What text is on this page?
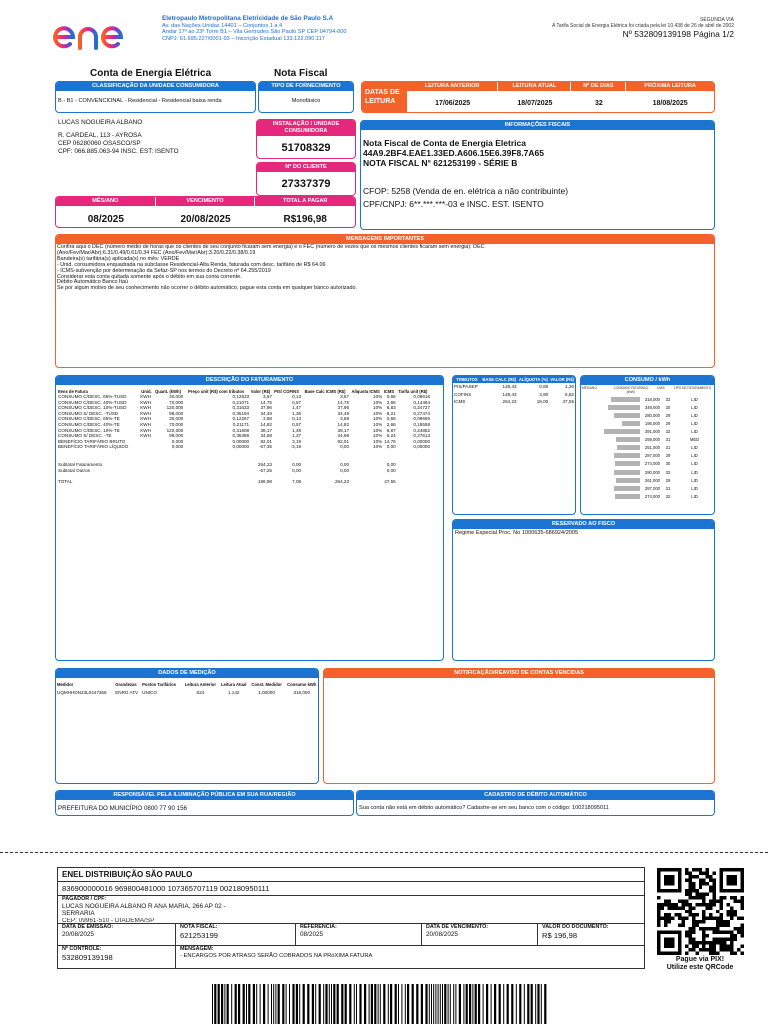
Eletropaulo Metropolitana Eletricidade de São Paulo S.A
Av. das Nações Unidas 14401 – Conjuntos 1 a 4
Andar 17º ao 23º Torre B1 – Vila Gertrudes São Paulo SP CEP:04794-000
CNPJ: 61.695.227/0001-93 – Inscrição Estadual 133.122.090.117
SEGUNDA VIA
A Tarifa Social de Energia Elétrica foi criada pela lei 10.438 de 26 de abril de 2002
Nº 532809139198 Página 1/2
Conta de Energia Elétrica	Nota Fiscal
CLASSIFICAÇÃO DA UNIDADE CONSUMIDORA
B - B1 - CONVENCIONAL - Residencial - Residencial baixa renda
TIPO DE FORNECIMENTO
Monofásico
DATAS DE LEITURA
LEITURA ANTERIOR	LEITURA ATUAL	Nº DE DIAS	PRÓXIMA LEITURA
17/06/2025	18/07/2025	32	18/08/2025
LUCAS NOGUEIRA ALBANO
R. CARDEAL, 113 - AYROSA
CEP 06280060 OSASCO/SP
CPF: 066.885.063-94 INSC. EST: ISENTO
INSTALAÇÃO / UNIDADE CONSUMIDORA
51708329
Nº DO CLIENTE
27337379
INFORMAÇÕES FISCAIS
Nota Fiscal de Conta de Energia Eletrica
44A9.2BF4.EAE1.33ED.A606.15E6.39F8.7A65
NOTA FISCAL N° 621253199 - SÉRIE B
CFOP: 5258 (Venda de en. elétrica a não contribuinte)
CPF/CNPJ: 6**.***.***-03 e INSC. EST. ISENTO
MÊS/ANO	VENCIMENTO	TOTAL A PAGAR
08/2025	20/08/2025	R$196,98
MENSAGENS IMPORTANTES
Confira aqui o DEC (número médio de horas que os clientes de seu conjunto ficaram sem energia) e o FEC (número de vezes que os mesmos clientes ficaram sem energia): DEC
(Ano/Fev/Mar/Abr):6.31/0.49/0.61/0.34 FEC (Ano/Fev/Mar/Abr):3.20/0.22/0.38/0.19
Bandeira(s) tarifária(s) aplicada(s) no mês: VERDE
- Unid. consumidora enquadrada na subclasse Residencial-Alta Renda, faturada com desc. tarifário de R$ 64.06
- ICMS-subvenção por determinação da Sefaz-SP nos termos do Decreto nº 64.255/2019
Considerar esta conta quitada somente após o débito em sua conta corrente.
Débito Automático Banco Itaú
Se por algum motivo de seu conhecimento não ocorrer o débito automático, pague esta conta em qualquer banco autorizado.
DESCRIÇÃO DO FATURAMENTO
Itens de Fatura	Unid.	Quant. (kWh)	Preço unit (R$) com tributos	Valor (R$)	PIS/ COFINS	Base Calc ICMS (R$)	Alíquota ICMS	ICMS	Tarifa unit (R$)
CONSUMO C/DESC. 65%-TUSD	KWH	30,000	0,12533	3,67	0,13	3,67	10%	0,66	0,09616
CONSUMO C/DESC. 40%-TUSD	KWH	70,000	0,21071	14,75	0,57	14,75	10%	2,65	0,14484
CONSUMO C/DESC. 10%-TUSD	KWH	120,000	0,31633	37,96	1,47	37,96	10%	6,83	0,24727
CONSUMO S/ DESC. -TUSD	KWH	98,000	0,35194	34,49	1,36	34,49	10%	6,21	0,27474
CONSUMO C/DESC. 65%-TE	KWH	30,000	0,12267	3,68	0,13	3,68	10%	0,66	0,09665
CONSUMO C/DESC. 40%-TE	KWH	70,000	0,21171	14,82	0,57	14,82	10%	2,66	0,16558
CONSUMO C/DESC. 10%-TE	KWH	120,000	0,31608	38,17	1,48	38,17	10%	6,87	0,24852
CONSUMO S/ DESC. -TE	KWH	98,000	0,35388	34,68	1,37	34,68	10%	6,24	0,27613
BENEFÍCIO TARIFÁRIO BRUTO		0,000	0,00000	82,01	3,19	82,01	10%	14,76	0,00000
BENEFÍCIO TARIFÁRIO LÍQUIDO		0,000	0,00000	-67,35	-3,19	0,00	10%	0,00	0,00000

Subtotal Faturamento				264,23	0,00	0,00		0,00	
Subtotal Outros				-67,25	0,00	0,00		0,00	

TOTAL				196,98	7,08	264,23		47,55	
TRIBUTOS	BASE CALC (R$)	ALÍQUOTA (%)	VALOR (R$)
PIS/PASEP	149,43	0,85	1,26
COFINS	149,43	3,90	5,82
ICMS	264,23	18,00	47,55
CONSUMO / kWh
MÊS/ANO	CONSUMO FATURADO (kWh)
DIAS	TIPO DE FATURAMENTO
318,000	32	LID
349,000	30	LID
280,000	29	LID
195,000	29	LID
391,000	32	LID
259,000	31	MED
251,000	31	LID
287,000	29	LID
274,000	30	LID
280,000	32	LID
261,000	29	LID
287,000	31	LID
274,000	32	LID
RESERVADO AO FISCO
Regime Especial Proc. No 1000635-686924/2005
DADOS DE MEDIÇÃO
Medidor	Grandezas	Postos Tarifários	Leitura Anterior	Leitura Atual	Const. Medidor	Consumo kWh
UQMHHDN23L0447368	ENRG ATV	UNICO	824	1.142	1,00000	318,000
NOTIFICAÇÃO/REAVISO DE CONTAS VENCIDAS
RESPONSÁVEL PELA ILUMINAÇÃO PÚBLICA EM SUA RUA/REGIÃO
PREFEITURA DO MUNICÍPIO 0800 77 90 156
CADASTRO DE DÉBITO AUTOMÁTICO
Sua conta não está em débito automático? Cadastre-se em seu banco com o código: 100218095011
ENEL DISTRIBUIÇÃO SÃO PAULO
836900000016 969800481000 107365707119 002180950111
PAGADOR / CPF:
LUCAS NOGUEIRA ALBANO R ANA MARIA, 266 AP 02 -
SERRARIA
CEP: 09961-510 - DIADEMA/SP
DATA DE EMISSÃO:
20/08/2025
NOTA FISCAL:
621253199
REFERÊNCIA:
08/2025
DATA DE VENCIMENTO:
20/08/2025
VALOR DO DOCUMENTO:
R$ 196,98
Nº CONTROLE:
532809139198
MENSAGEM:
- ENCARGOS POR ATRASO SERÃO COBRADOS NA PRóXIMA FATURA	Pague via PIX!
Utilize este QRCode
